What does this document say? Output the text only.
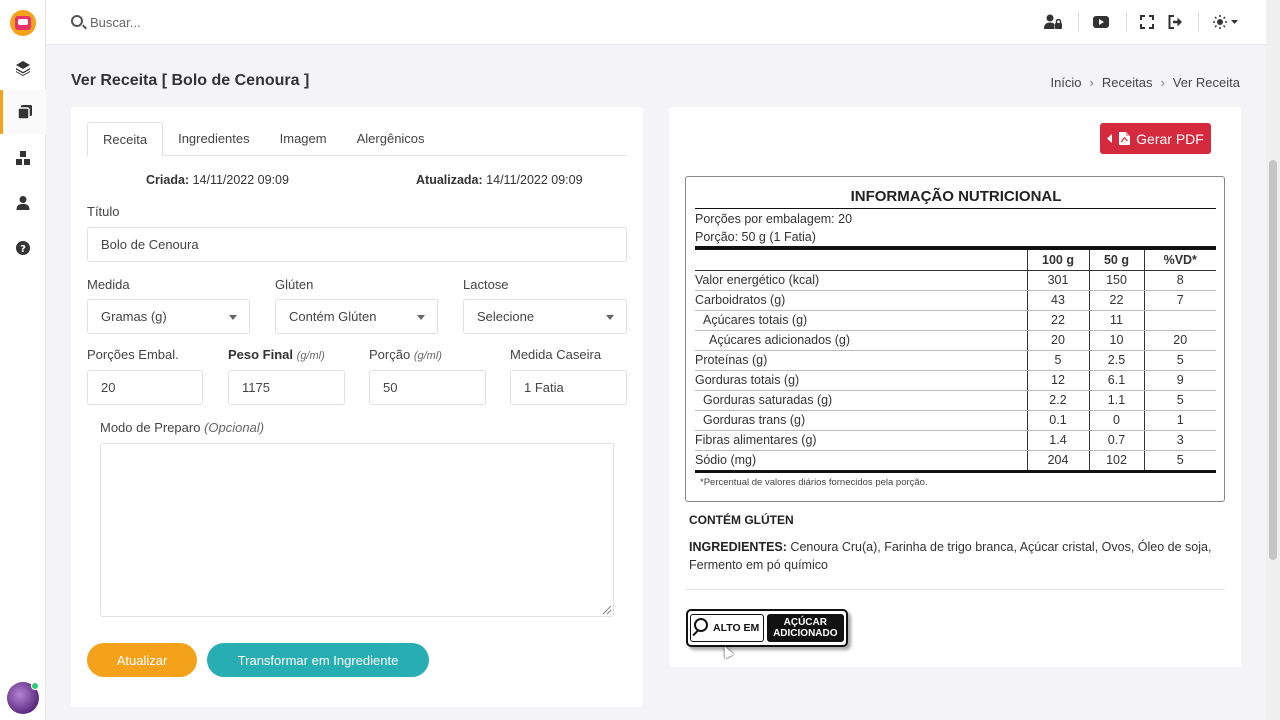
?
Buscar...
Ver Receita [ Bolo de Cenoura ]	Início › Receitas › Ver Receita
Receita	Ingredientes	Imagem	Alergênicos
Criada: 14/11/2022 09:09	Atualizada: 14/11/2022 09:09
Título
Bolo de Cenoura
Medida
Gramas (g)
Glúten
Contém Glúten
Lactose
Selecione
Porções Embal.
20	Peso Final (g/ml)
1175	Porção (g/ml)
50	Medida Caseira
1 Fatia
Modo de Preparo (Opcional)
Atualizar	Transformar em Ingrediente
Gerar PDF
INFORMAÇÃO NUTRICIONAL
Porções por embalagem: 20
Porção: 50 g (1 Fatia)
	100 g	50 g	%VD*
Valor energético (kcal)	301	150	8
Carboidratos (g)	43	22	7
Açúcares totais (g)	22	11	
Açúcares adicionados (g)	20	10	20
Proteínas (g)	5	2.5	5
Gorduras totais (g)	12	6.1	9
Gorduras saturadas (g)	2.2	1.1	5
Gorduras trans (g)	0.1	0	1
Fibras alimentares (g)	1.4	0.7	3
Sódio (mg)	204	102	5
*Percentual de valores diários fornecidos pela porção.
CONTÉM GLÚTEN
INGREDIENTES: Cenoura Cru(a), Farinha de trigo branca, Açúcar cristal, Ovos, Óleo de soja, Fermento em pó químico
ALTO EM AÇÚCAR
ADICIONADO
